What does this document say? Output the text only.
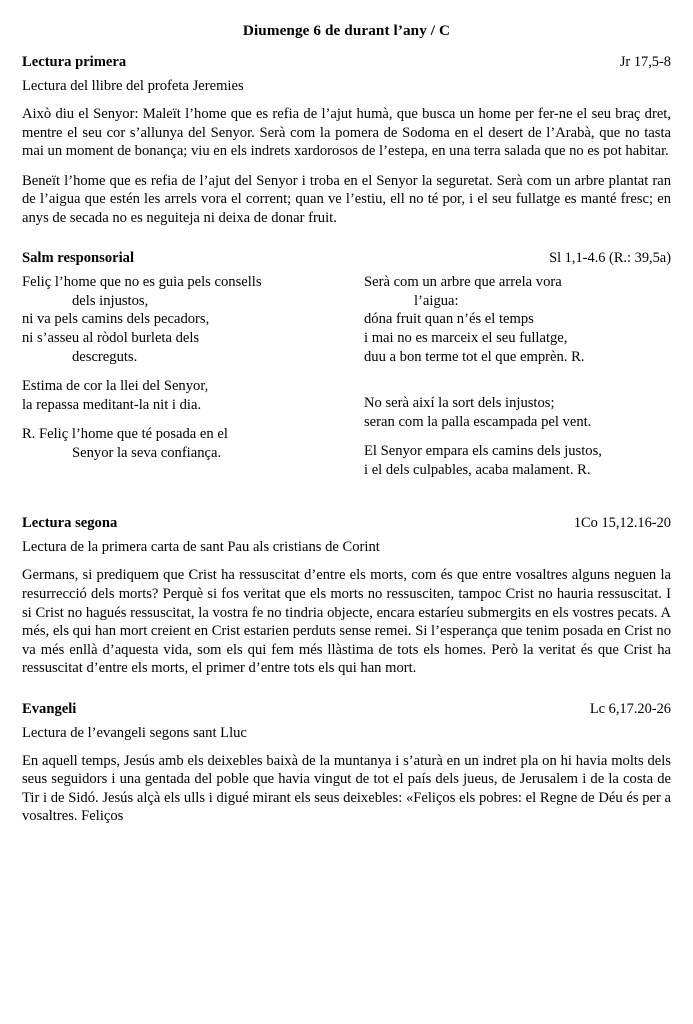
Diumenge 6 de durant l’any / C
Lectura primera	Jr 17,5-8
Lectura del llibre del profeta Jeremies

Això diu el Senyor: Maleït l’home que es refia de l’ajut humà, que busca un home per fer-ne el seu braç dret, mentre el seu cor s’allunya del Senyor. Serà com la pomera de Sodoma en el desert de l’Arabà, que no tasta mai un moment de bonança; viu en els indrets xardorosos de l’estepa, en una terra salada que no es pot habitar.

Beneït l’home que es refia de l’ajut del Senyor i troba en el Senyor la seguretat. Serà com un arbre plantat ran de l’aigua que estén les arrels vora el corrent; quan ve l’estiu, ell no té por, i el seu fullatge es manté fresc; en anys de secada no es neguiteja ni deixa de donar fruit.

Salm responsorial	Sl 1,1-4.6 (R.: 39,5a)
Feliç l’home que no es guia pels consells
dels injustos,
ni va pels camins dels pecadors,
ni s’asseu al ròdol burleta dels
descreguts.
Estima de cor la llei del Senyor,
la repassa meditant-la nit i dia.
R. Feliç l’home que té posada en el
Senyor la seva confiança.
Serà com un arbre que arrela vora
l’aigua:
dóna fruit quan n’és el temps
i mai no es marceix el seu fullatge,
duu a bon terme tot el que emprèn. R.
No serà així la sort dels injustos;
seran com la palla escampada pel vent.
El Senyor empara els camins dels justos,
i el dels culpables, acaba malament. R.
Lectura segona	1Co 15,12.16-20
Lectura de la primera carta de sant Pau als cristians de Corint

Germans, si prediquem que Crist ha ressuscitat d’entre els morts, com és que entre vosaltres alguns neguen la resurrecció dels morts? Perquè si fos veritat que els morts no ressusciten, tampoc Crist no hauria ressuscitat. I si Crist no hagués ressuscitat, la vostra fe no tindria objecte, encara estaríeu submergits en els vostres pecats. A més, els qui han mort creient en Crist estarien perduts sense remei. Si l’esperança que tenim posada en Crist no va més enllà d’aquesta vida, som els qui fem més llàstima de tots els homes. Però la veritat és que Crist ha ressuscitat d’entre els morts, el primer d’entre tots els qui han mort.

Evangeli	Lc 6,17.20-26
Lectura de l’evangeli segons sant Lluc

En aquell temps, Jesús amb els deixebles baixà de la muntanya i s’aturà en un indret pla on hi havia molts dels seus seguidors i una gentada del poble que havia vingut de tot el país dels jueus, de Jerusalem i de la costa de Tir i de Sidó. Jesús alçà els ulls i digué mirant els seus deixebles: «Feliços els pobres: el Regne de Déu és per a vosaltres. Feliços
